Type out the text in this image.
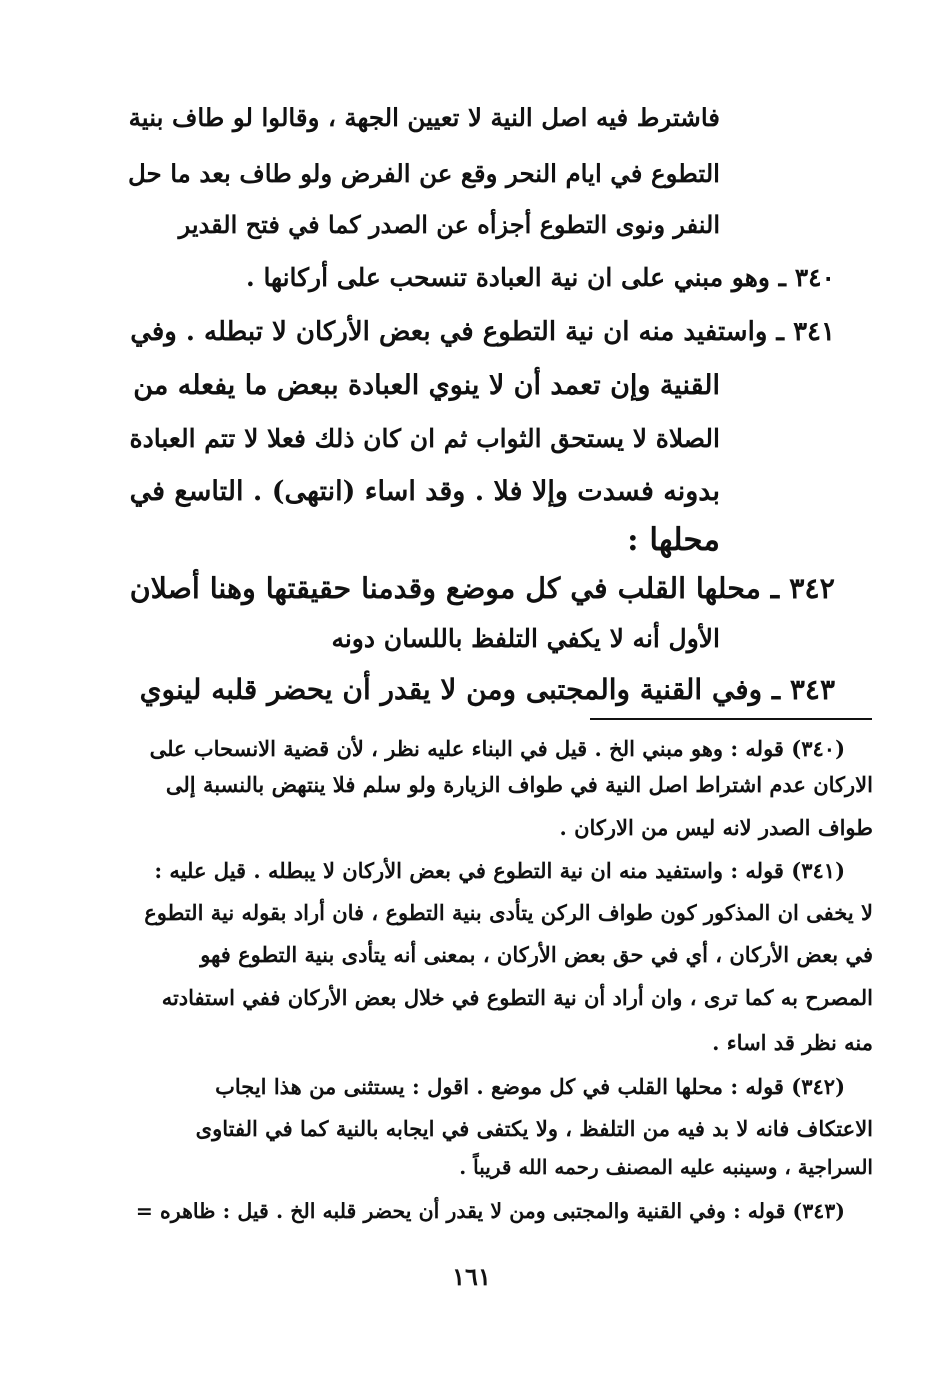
فاشترط فيه اصل النية لا تعيين الجهة ، وقالوا لو طاف بنية
التطوع في ايام النحر وقع عن الفرض ولو طاف بعد ما حل
النفر ونوى التطوع أجزأه عن الصدر كما في فتح القدير
٣٤٠ ـ وهو مبني على ان نية العبادة تنسحب على أركانها .
٣٤١ ـ واستفيد منه ان نية التطوع في بعض الأركان لا تبطله . وفي
القنية وإن تعمد أن لا ينوي العبادة ببعض ما يفعله من
الصلاة لا يستحق الثواب ثم ان كان ذلك فعلا لا تتم العبادة
بدونه فسدت وإلا فلا . وقد اساء (انتهى) . التاسع في
محلها :
٣٤٢ ـ محلها القلب في كل موضع وقدمنا حقيقتها وهنا أصلان
الأول أنه لا يكفي التلفظ باللسان دونه
٣٤٣ ـ وفي القنية والمجتبى ومن لا يقدر أن يحضر قلبه لينوي
(٣٤٠) قوله : وهو مبني الخ . قيل في البناء عليه نظر ، لأن قضية الانسحاب على
الاركان عدم اشتراط اصل النية في طواف الزيارة ولو سلم فلا ينتهض بالنسبة إلى
طواف الصدر لانه ليس من الاركان .
(٣٤١) قوله : واستفيد منه ان نية التطوع في بعض الأركان لا يبطله . قيل عليه :
لا يخفى ان المذكور كون طواف الركن يتأدى بنية التطوع ، فان أراد بقوله نية التطوع
في بعض الأركان ، أي في حق بعض الأركان ، بمعنى أنه يتأدى بنية التطوع فهو
المصرح به كما ترى ، وان أراد أن نية التطوع في خلال بعض الأركان ففي استفادته
منه نظر قد اساء .
(٣٤٢) قوله : محلها القلب في كل موضع . اقول : يستثنى من هذا ايجاب
الاعتكاف فانه لا بد فيه من التلفظ ، ولا يكتفى في ايجابه بالنية كما في الفتاوى
السراجية ، وسينبه عليه المصنف رحمه الله قريباً .
(٣٤٣) قوله : وفي القنية والمجتبى ومن لا يقدر أن يحضر قلبه الخ . قيل : ظاهره =
١٦١
